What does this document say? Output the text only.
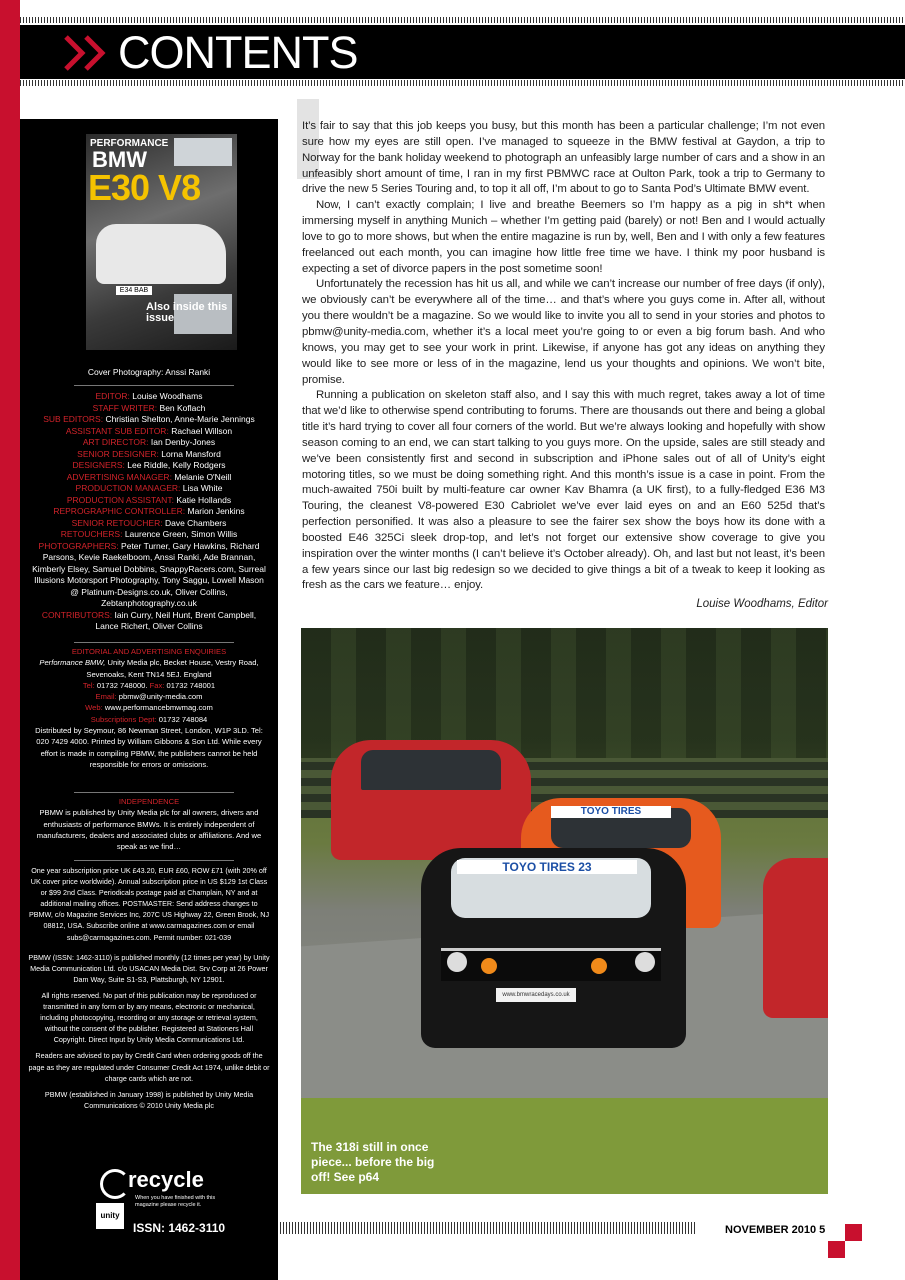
CONTENTS
PERFORMANCE
BMW
E30 V8
E34 BAB
Also inside this issue
Cover Photography: Anssi Ranki
EDITOR: Louise Woodhams
STAFF WRITER: Ben Koflach
SUB EDITORS: Christian Shelton, Anne-Marie Jennings
ASSISTANT SUB EDITOR: Rachael Willson
ART DIRECTOR: Ian Denby-Jones
SENIOR DESIGNER: Lorna Mansford
DESIGNERS: Lee Riddle, Kelly Rodgers
ADVERTISING MANAGER: Melanie O'Neill
PRODUCTION MANAGER: Lisa White
PRODUCTION ASSISTANT: Katie Hollands
REPROGRAPHIC CONTROLLER: Marion Jenkins
SENIOR RETOUCHER: Dave Chambers
RETOUCHERS: Laurence Green, Simon Willis
PHOTOGRAPHERS: Peter Turner, Gary Hawkins, Richard Parsons, Kevie Raekelboom, Anssi Ranki, Ade Brannan, Kimberly Elsey, Samuel Dobbins, SnappyRacers.com, Surreal Illusions Motorsport Photography, Tony Saggu, Lowell Mason @ Platinum-Designs.co.uk, Oliver Collins, Zebtanphotography.co.uk
CONTRIBUTORS: Iain Curry, Neil Hunt, Brent Campbell, Lance Richert, Oliver Collins

EDITORIAL AND ADVERTISING ENQUIRIES
Performance BMW, Unity Media plc, Becket House, Vestry Road, Sevenoaks, Kent TN14 5EJ. England
Tel: 01732 748000. Fax: 01732 748001
Email: pbmw@unity-media.com
Web: www.performancebmwmag.com
Subscriptions Dept: 01732 748084

Distributed by Seymour, 86 Newman Street, London, W1P 3LD. Tel: 020 7429 4000. Printed by William Gibbons & Son Ltd. While every effort is made in compiling PBMW, the publishers cannot be held responsible for errors or omissions.

INDEPENDENCE

PBMW is published by Unity Media plc for all owners, drivers and enthusiasts of performance BMWs. It is entirely independent of manufacturers, dealers and associated clubs or affiliations. And we speak as we find…

One year subscription price UK £43.20, EUR £60, ROW £71 (with 20% off UK cover price worldwide). Annual subscription price in US $129 1st Class or $99 2nd Class. Periodicals postage paid at Champlain, NY and at additional mailing offices. POSTMASTER: Send address changes to PBMW, c/o Magazine Services Inc, 207C US Highway 22, Green Brook, NJ 08812, USA. Subscribe online at www.carmagazines.com or email subs@carmagazines.com. Permit number: 021-039

PBMW (ISSN: 1462-3110) is published monthly (12 times per year) by Unity Media Communication Ltd. c/o USACAN Media Dist. Srv Corp at 26 Power Dam Way, Suite S1-S3, Plattsburgh, NY 12901.

All rights reserved. No part of this publication may be reproduced or transmitted in any form or by any means, electronic or mechanical, including photocopying, recording or any storage or retrieval system, without the consent of the publisher. Registered at Stationers Hall Copyright. Direct Input by Unity Media Communications Ltd.

Readers are advised to pay by Credit Card when ordering goods off the page as they are regulated under Consumer Credit Act 1974, unlike debit or charge cards which are not.

PBMW (established in January 1998) is published by Unity Media Communications © 2010 Unity Media plc

recycle
When you have finished with this magazine please recycle it.
unity
ISSN: 1462-3110

It’s fair to say that this job keeps you busy, but this month has been a particular challenge; I’m not even sure how my eyes are still open. I’ve managed to squeeze in the BMW festival at Gaydon, a trip to Norway for the bank holiday weekend to photograph an unfeasibly large number of cars and a show in an unfeasibly short amount of time, I ran in my first PBMWC race at Oulton Park, took a trip to Germany to drive the new 5 Series Touring and, to top it all off, I’m about to go to Santa Pod’s Ultimate BMW event.

Now, I can’t exactly complain; I live and breathe Beemers so I’m happy as a pig in sh*t when immersing myself in anything Munich – whether I’m getting paid (barely) or not! Ben and I would actually love to go to more shows, but when the entire magazine is run by, well, Ben and I with only a few features freelanced out each month, you can imagine how little free time we have. I think my poor husband is expecting a set of divorce papers in the post sometime soon!

Unfortunately the recession has hit us all, and while we can’t increase our number of free days (if only), we obviously can’t be everywhere all of the time… and that’s where you guys come in. After all, without you there wouldn’t be a magazine. So we would like to invite you all to send in your stories and photos to pbmw@unity-media.com, whether it’s a local meet you’re going to or even a big forum bash. And who knows, you may get to see your work in print. Likewise, if anyone has got any ideas on anything they would like to see more or less of in the magazine, lend us your thoughts and opinions. We won’t bite, promise.

Running a publication on skeleton staff also, and I say this with much regret, takes away a lot of time that we’d like to otherwise spend contributing to forums. There are thousands out there and being a global title it’s hard trying to cover all four corners of the world. But we’re always looking and hopefully with show season coming to an end, we can start talking to you guys more. On the upside, sales are still steady and we’ve been consistently first and second in subscription and iPhone sales out of all of Unity’s eight motoring titles, so we must be doing something right. And this month’s issue is a case in point. From the much-awaited 750i built by multi-feature car owner Kav Bhamra (a UK first), to a fully-fledged E36 M3 Touring, the cleanest V8-powered E30 Cabriolet we’ve ever laid eyes on and an E60 525d that’s perfection personified. It was also a pleasure to see the fairer sex show the boys how its done with a boosted E46 325Ci sleek drop-top, and let’s not forget our extensive show coverage to give you inspiration over the winter months (I can’t believe it’s October already). Oh, and last but not least, it’s been a few years since our last big redesign so we decided to give things a bit of a tweak to keep it looking as fresh as the cars we feature… enjoy.

Louise Woodhams, Editor
TOYO TIRES
TOYO TIRES 23
www.bmwracedays.co.uk
The 318i still in once piece... before the big off! See p64
NOVEMBER 2010 5
